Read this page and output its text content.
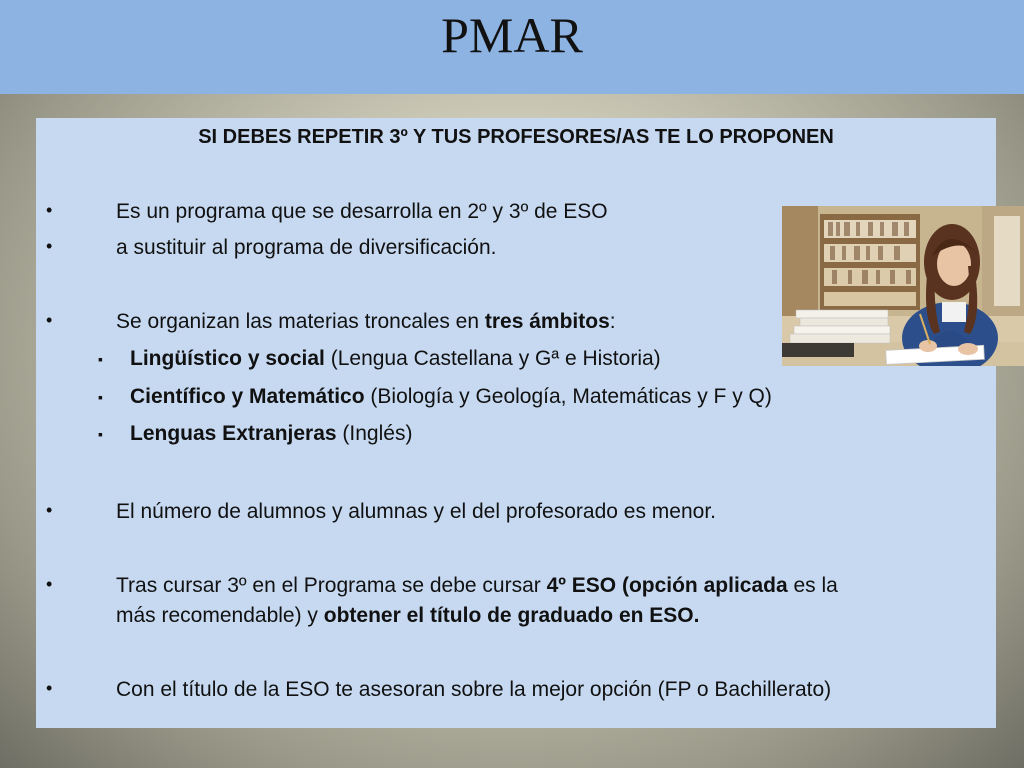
PMAR
SI DEBES REPETIR 3º Y TUS PROFESORES/AS TE LO PROPONEN
•	Es un programa que se desarrolla en 2º y 3º de ESO
•	a sustituir al programa de diversificación.
•	Se organizan las materias troncales en tres ámbitos:
▪ Lingüístico y social (Lengua Castellana y Gª e Historia)
▪ Científico y Matemático (Biología y Geología, Matemáticas y F y Q)
▪ Lenguas Extranjeras (Inglés)
•	El número de alumnos y alumnas y el del profesorado es menor.
•	Tras cursar 3º en el Programa se debe cursar 4º ESO (opción aplicada es la
más recomendable) y obtener el título de graduado en ESO.
•	Con el título de la ESO te asesoran sobre la mejor opción (FP o Bachillerato)
